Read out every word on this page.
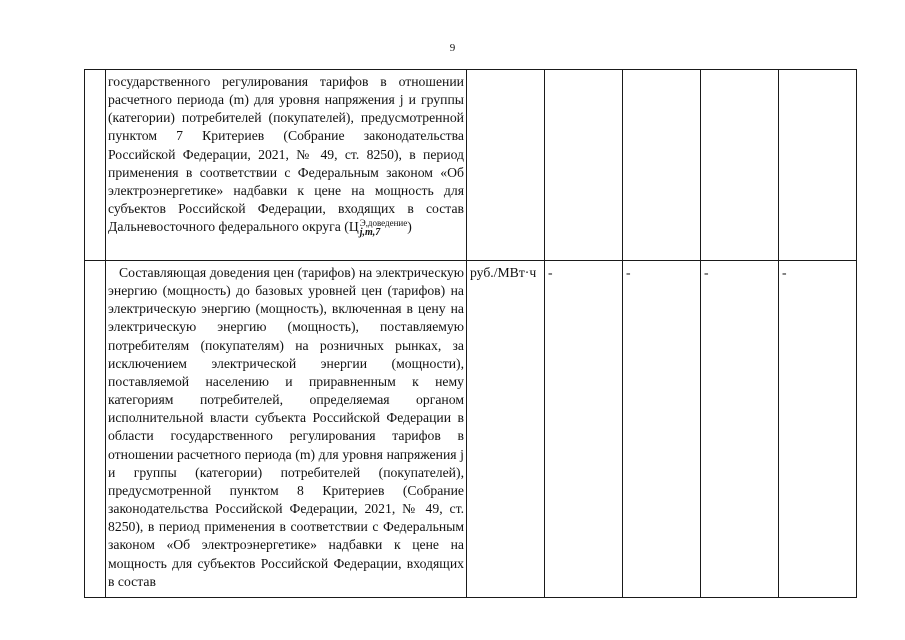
9

	государственного регулирования тарифов в отношении расчетного периода (m) для уровня напряжения j и группы (категории) потребителей (покупателей), предусмотренной пунктом 7 Критериев (Собрание законодательства Российской Федерации, 2021, № 49, ст. 8250), в период применения в соответствии с Федеральным законом «Об электроэнергетике» надбавки к цене на мощность для субъектов Российской Федерации, входящих в состав Дальневосточного федерального округа (Ц Э,доведение
j,m,7 )					

	Составляющая доведения цен (тарифов) на электрическую энергию (мощность) до базовых уровней цен (тарифов) на электрическую энергию (мощность), включенная в цену на электрическую энергию (мощность), поставляемую потребителям (покупателям) на розничных рынках, за исключением электрической энергии (мощности), поставляемой населению и приравненным к нему категориям потребителей, определяемая органом исполнительной власти субъекта Российской Федерации в области государственного регулирования тарифов в отношении расчетного периода (m) для уровня напряжения j и группы (категории) потребителей (покупателей), предусмотренной пунктом 8 Критериев (Собрание законодательства Российской Федерации, 2021, № 49, ст. 8250), в период применения в соответствии с Федеральным законом «Об электроэнергетике» надбавки к цене на мощность для субъектов Российской Федерации, входящих в состав	руб./МВт·ч	-	-	-	-
